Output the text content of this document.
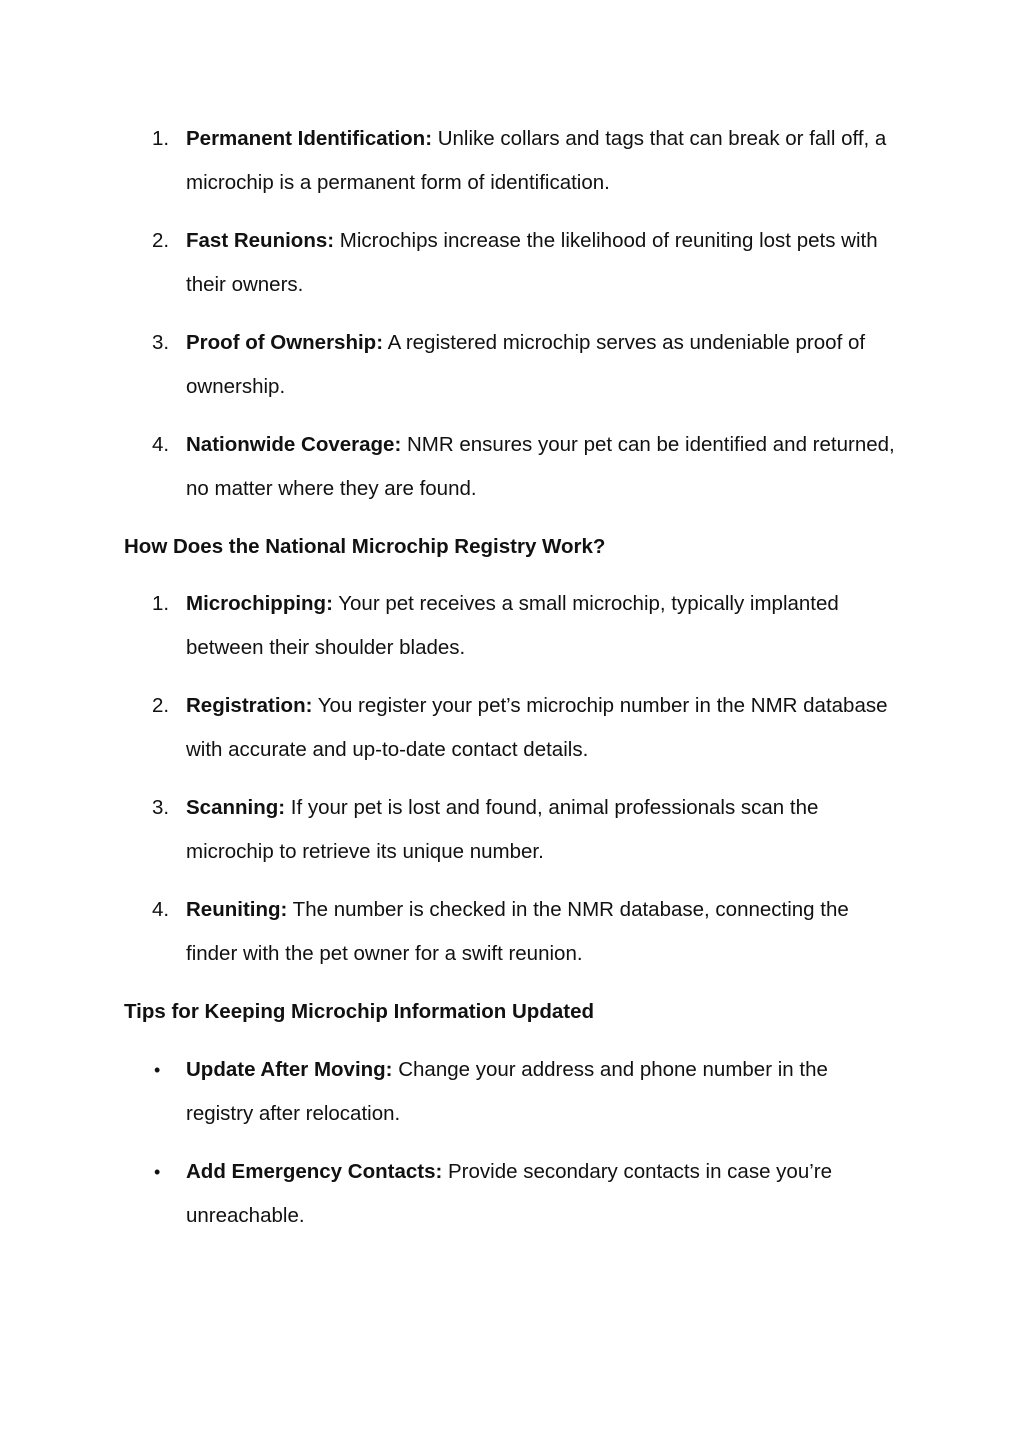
1. Permanent Identification: Unlike collars and tags that can break or fall off, a microchip is a permanent form of identification.
2. Fast Reunions: Microchips increase the likelihood of reuniting lost pets with their owners.
3. Proof of Ownership: A registered microchip serves as undeniable proof of ownership.
4. Nationwide Coverage: NMR ensures your pet can be identified and returned, no matter where they are found.
How Does the National Microchip Registry Work?
1. Microchipping: Your pet receives a small microchip, typically implanted between their shoulder blades.
2. Registration: You register your pet’s microchip number in the NMR database with accurate and up-to-date contact details.
3. Scanning: If your pet is lost and found, animal professionals scan the microchip to retrieve its unique number.
4. Reuniting: The number is checked in the NMR database, connecting the finder with the pet owner for a swift reunion.
Tips for Keeping Microchip Information Updated
• Update After Moving: Change your address and phone number in the registry after relocation.
• Add Emergency Contacts: Provide secondary contacts in case you’re unreachable.
